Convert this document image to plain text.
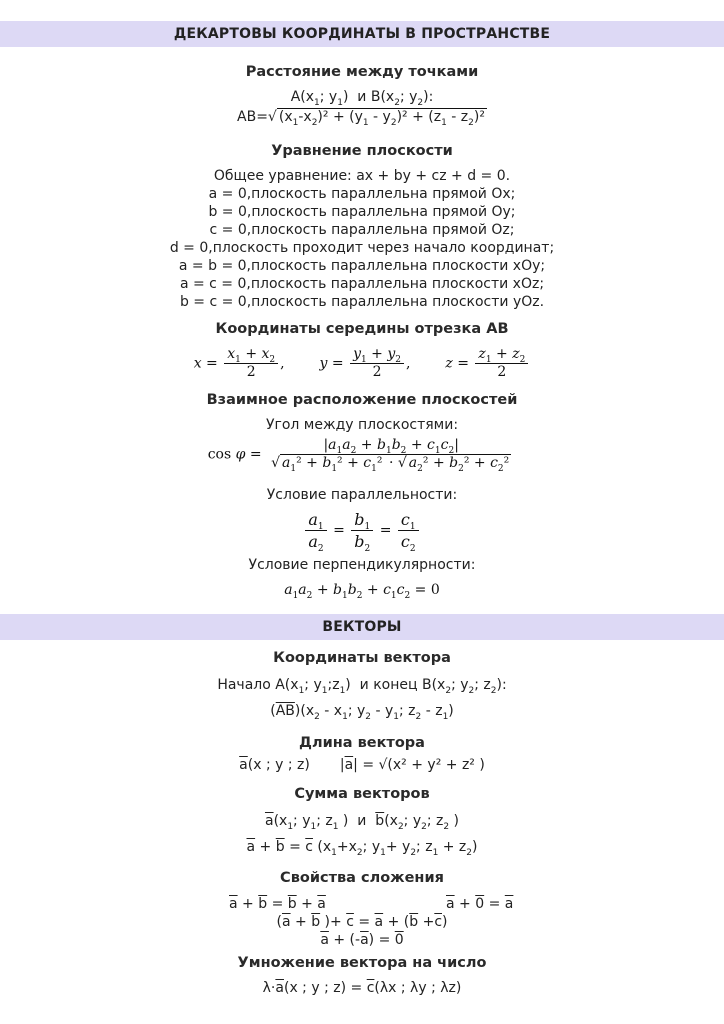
ДЕКАРТОВЫ КООРДИНАТЫ В ПРОСТРАНСТВЕ
Расстояние между точками
$A(x_1$; $y_1$)  и $B(x_2$; $y_2$):
AB=√ $(x_1-x_2)^2 + (y_1 - y_2)^2 + (z_1 - z_2)^2$
Уравнение плоскости
Общее уравнение: ax + by + cz + d = 0.
a = 0,плоскость параллельна прямой Ox;
b = 0,плоскость параллельна прямой Oy;
c = 0,плоскость параллельна прямой Oz;
d = 0,плоскость проходит через начало координат;
a = b = 0,плоскость параллельна плоскости xOy;
a = c = 0,плоскость параллельна плоскости xOz;
b = c = 0,плоскость параллельна плоскости yOz.
Координаты середины отрезка AB
$x = \frac{x_1 + x_2}{2}$ ,  $y = \frac{y_1 + y_2}{2}$ ,  $z = \frac{z_1 + z_2}{2}$
Взаимное расположение плоскостей
Угол между плоскостями:
$\cos \varphi = \frac{|a_1a_2 + b_1b_2 + c_1c_2|}{√ a_1^2 + b_1^2 + c_1^2 \cdot √ a_2^2 + b_2^2 + c_2^2}$
Условие параллельности:
$\frac{a_1}{a_2} = \frac{b_1}{b_2} = \frac{c_1}{c_2}$
Условие перпендикулярности:
$a_1a_2 + b_1b_2 + c_1c_2 = 0$
ВЕКТОРЫ
Координаты вектора
Начало $A(x_1$; $y_1;z_1$)  и конец $B(x_2$; $y_2$; $z_2$):
$(\overline{AB})(x_2 - x_1$; $y_2 - y_1$; $z_2 - z_1$)
Длина вектора
$\overline{a}(x$ ; y ; z) $|\overline{a}| = √(x^2 + y^2 + z^2$ )
Сумма векторов
$\overline{a}(x_1$; $y_1$; $z_1$ )  и  $\overline{b}(x_2$; $y_2$; $z_2$ )
$\overline{a} + \overline{b} = \overline{c}$ ($x_1+x_2$; $y_1+ y_2$; $z_1 + z_2$)
Свойства сложения
$\overline{a} + \overline{b} = \overline{b} + \overline{a}$	$\overline{a} + 0 = \overline{a}$
($\overline{a} + \overline{b}$ )+ $\overline{c} = \overline{a} + (\overline{b} +\overline{c})$
$\overline{a} + (-\overline{a}) = 0$
Умножение вектора на число
$\lambda\cdot\overline{a}(x$ ; y ; $z) = \overline{c}(\lambda x$ ; λy ; λz)
